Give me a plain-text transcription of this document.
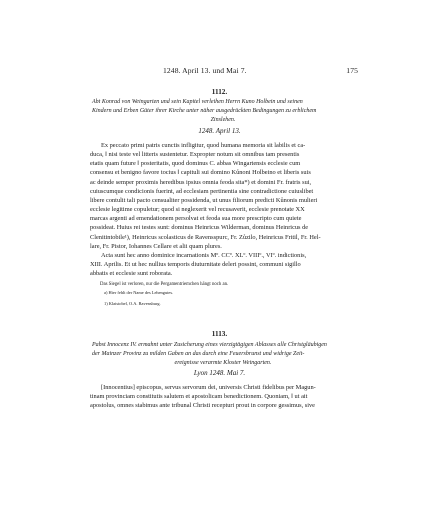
1248. April 13. und Mai 7.	175
1112.
Abt Konrad von Weingarten und sein Kapitel verleihen Herrn Kuno Holbein und seinen
Kindern und Erben Güter ihrer Kirche unter näher ausgedrückten Bedingungen zu erblichem
Zinslehen.
1248. April 13.
Ex peccato primi patris cunctis infligitur, quod humana memoria sit labilis et ca-
duca, ‖ nisi teste vel litteris sustentetur. Expropter notum sit omnibus tam presentis
etatis quam future ‖ posteritatis, quod dominus C. abbas Wingartensis ecclesie cum
consensu et benigno favore tocius ‖ capituli sui domino Kůnoni Holbeino et liberis suis
ac deinde semper proximis heredibus ipsius omnia feoda sita*) et domini Fr. fratris sui,
cuiuscumque condicionis fuerint, ad ecclesiam pertinentia sine contradictione cuiuslibet
libere contulit tali pacto censualiter possidenda, ut unus filiorum predicti Kůnonis mulieri
ecclesie legitime copuletur; quod si neglexerit vel recusaverit, ecclesie prenotate XX
marcas argenti ad emendationem persolvat et feoda sua more prescripto cum quiete
possideat. Huius rei testes sunt: dominus Heinricus Wilderman, dominus Heinricus de
Clenitintobile¹), Heinricus scolasticus de Ravensspurc, Fr. Zůzilo, Heinricus Fritil, Fr. Hel-
lare, Fr. Pistor, Iohannes Cellare et alii quam plures.
Acta sunt hec anno dominice incarnationis Mº. CCº. XLº. VIIIº., VIº. indictionis,
XIII. Aprilis. Et ut hec nullius temporis diuturnitate deleri possint, communi sigillo
abbatis et ecclesie sunt roborata.
Das Siegel ist verloren, nur die Pergamentriemchen hängt noch an.
a) Hier fehlt der Name des Lehengutes.
1) Klaistobel, O.A. Ravensburg.
1113.
Pabst Innocenz IV. ermahnt unter Zusicherung eines vierzigtägigen Ablasses alle Christgläubigen
der Mainzer Provinz zu milden Gaben an das durch eine Feuersbrunst und widrige Zeit-
ereignisse verarmte Kloster Weingarten.
Lyon 1248. Mai 7.
[Innocentius] episcopus, servus servorum dei, universis Christi fidelibus per Magun-
tinam provinciam constitutis salutem et apostolicam benedictionem. Quoniam, ‖ ut ait
apostolus, omnes stabimus ante tribunal Christi recepturi prout in corpore gessimus, sive
